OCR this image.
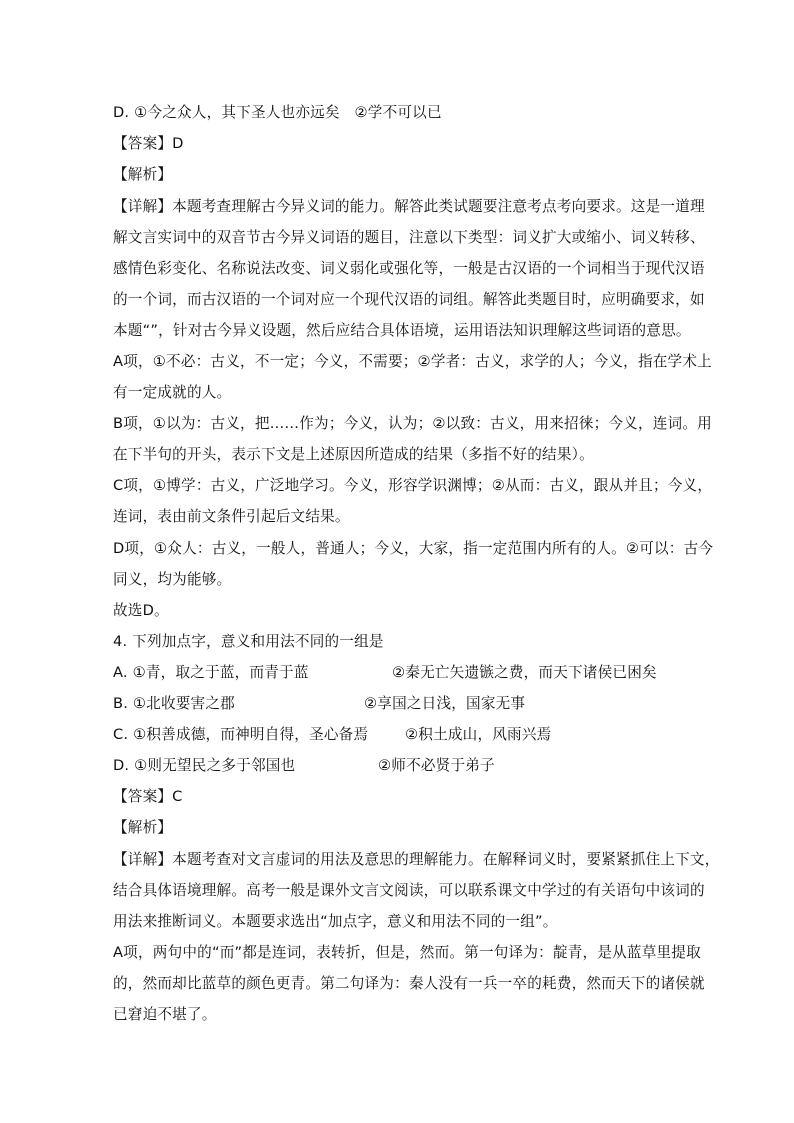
D. ①今之众人，其下圣人也亦远矣　②学不可以已
【答案】D
【解析】
【详解】本题考查理解古今异义词的能力。解答此类试题要注意考点考向要求。这是一道理
解文言实词中的双音节古今异义词语的题目，注意以下类型：词义扩大或缩小、词义转移、
感情色彩变化、名称说法改变、词义弱化或强化等，一般是古汉语的一个词相当于现代汉语
的一个词，而古汉语的一个词对应一个现代汉语的词组。解答此类题目时，应明确要求，如
本题“”，针对古今异义设题，然后应结合具体语境，运用语法知识理解这些词语的意思。
A项，①不必：古义，不一定；今义，不需要；②学者：古义，求学的人；今义，指在学术上
有一定成就的人。
B项，①以为：古义，把……作为；今义，认为；②以致：古义，用来招徕；今义，连词。用
在下半句的开头，表示下文是上述原因所造成的结果（多指不好的结果）。
C项，①博学：古义，广泛地学习。今义，形容学识渊博；②从而：古义，跟从并且；今义，
连词，表由前文条件引起后文结果。
D项，①众人：古义，一般人，普通人；今义，大家，指一定范围内所有的人。②可以：古今
同义，均为能够。
故选D。
4. 下列加点字，意义和用法不同的一组是
A. ①青，取之于蓝，而青于蓝	②秦无亡矢遗镞之费，而天下诸侯已困矣
B. ①北收要害之郡	②享国之日浅，国家无事
C. ①积善成德，而神明自得，圣心备焉	②积土成山，风雨兴焉
D. ①则无望民之多于邻国也	②师不必贤于弟子
【答案】C
【解析】
【详解】本题考查对文言虚词的用法及意思的理解能力。在解释词义时，要紧紧抓住上下文，
结合具体语境理解。高考一般是课外文言文阅读，可以联系课文中学过的有关语句中该词的
用法来推断词义。本题要求选出“加点字，意义和用法不同的一组”。
A项，两句中的“而”都是连词，表转折，但是，然而。第一句译为：靛青，是从蓝草里提取
的，然而却比蓝草的颜色更青。第二句译为：秦人没有一兵一卒的耗费，然而天下的诸侯就
已窘迫不堪了。
